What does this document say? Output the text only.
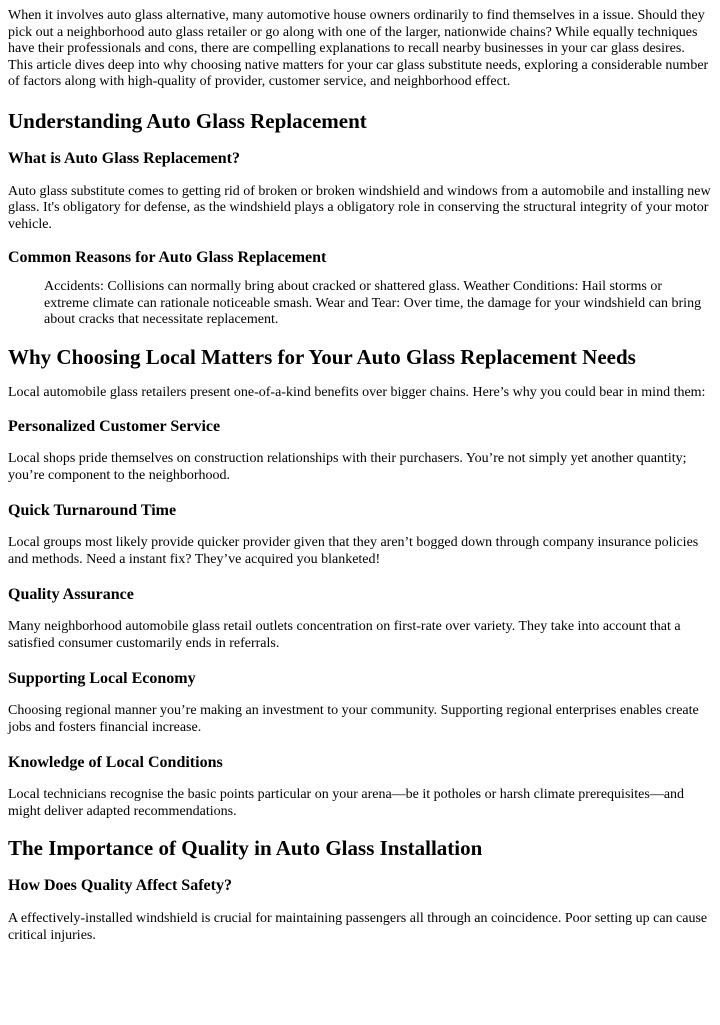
When it involves auto glass alternative, many automotive house owners ordinarily to find themselves in a issue. Should they pick out a neighborhood auto glass retailer or go along with one of the larger, nationwide chains? While equally techniques have their professionals and cons, there are compelling explanations to recall nearby businesses in your car glass desires. This article dives deep into why choosing native matters for your car glass substitute needs, exploring a considerable number of factors along with high-quality of provider, customer service, and neighborhood effect.

Understanding Auto Glass Replacement
What is Auto Glass Replacement?

Auto glass substitute comes to getting rid of broken or broken windshield and windows from a automobile and installing new glass. It's obligatory for defense, as the windshield plays a obligatory role in conserving the structural integrity of your motor vehicle.

Common Reasons for Auto Glass Replacement

Accidents: Collisions can normally bring about cracked or shattered glass. Weather Conditions: Hail storms or extreme climate can rationale noticeable smash. Wear and Tear: Over time, the damage for your windshield can bring about cracks that necessitate replacement.

Why Choosing Local Matters for Your Auto Glass Replacement Needs

Local automobile glass retailers present one-of-a-kind benefits over bigger chains. Here’s why you could bear in mind them:

Personalized Customer Service

Local shops pride themselves on construction relationships with their purchasers. You’re not simply yet another quantity; you’re component to the neighborhood.

Quick Turnaround Time

Local groups most likely provide quicker provider given that they aren’t bogged down through company insurance policies and methods. Need a instant fix? They’ve acquired you blanketed!

Quality Assurance

Many neighborhood automobile glass retail outlets concentration on first-rate over variety. They take into account that a satisfied consumer customarily ends in referrals.

Supporting Local Economy

Choosing regional manner you’re making an investment to your community. Supporting regional enterprises enables create jobs and fosters financial increase.

Knowledge of Local Conditions

Local technicians recognise the basic points particular on your arena—be it potholes or harsh climate prerequisites—and might deliver adapted recommendations.

The Importance of Quality in Auto Glass Installation
How Does Quality Affect Safety?

A effectively-installed windshield is crucial for maintaining passengers all through an coincidence. Poor setting up can cause critical injuries.
